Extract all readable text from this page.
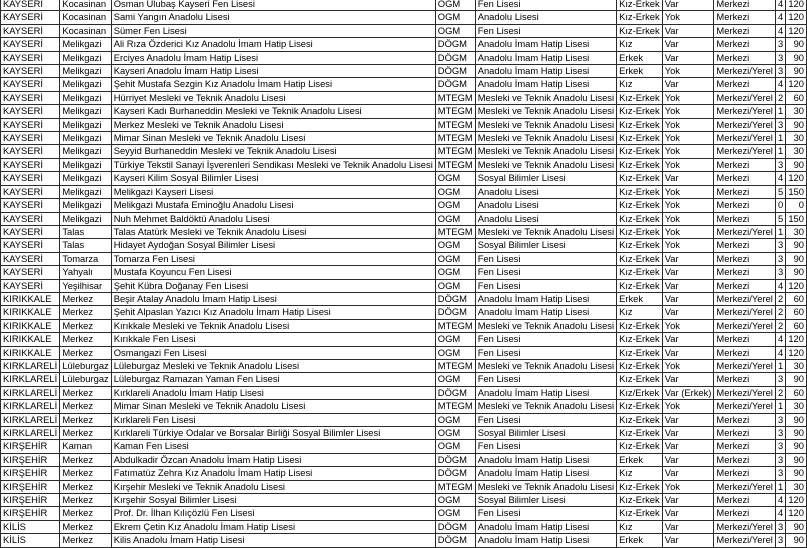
KAYSERİ	Kocasinan	Osman Ulubaş Kayseri Fen Lisesi	OGM	Fen Lisesi	Kız-Erkek	Var	Merkezi	4	120
KAYSERİ	Kocasinan	Sami Yangın Anadolu Lisesi	OGM	Anadolu Lisesi	Kız-Erkek	Yok	Merkezi	4	120
KAYSERİ	Kocasinan	Sümer Fen Lisesi	OGM	Fen Lisesi	Kız-Erkek	Var	Merkezi	4	120
KAYSERİ	Melikgazi	Ali Rıza Özderici Kız Anadolu İmam Hatip Lisesi	DÖGM	Anadolu İmam Hatip Lisesi	Kız	Var	Merkezi	3	90
KAYSERİ	Melikgazi	Erciyes Anadolu İmam Hatip Lisesi	DÖGM	Anadolu İmam Hatip Lisesi	Erkek	Var	Merkezi	3	90
KAYSERİ	Melikgazi	Kayseri Anadolu İmam Hatip Lisesi	DÖGM	Anadolu İmam Hatip Lisesi	Erkek	Yok	Merkezi/Yerel	3	90
KAYSERİ	Melikgazi	Şehit Mustafa Sezgin Kız Anadolu İmam Hatip Lisesi	DÖGM	Anadolu İmam Hatip Lisesi	Kız	Var	Merkezi	4	120
KAYSERİ	Melikgazi	Hürriyet Mesleki ve Teknik Anadolu Lisesi	MTEGM	Mesleki ve Teknik Anadolu Lisesi	Kız-Erkek	Yok	Merkezi/Yerel	2	60
KAYSERİ	Melikgazi	Kayseri Kadı Burhaneddin Mesleki ve Teknik Anadolu Lisesi	MTEGM	Mesleki ve Teknik Anadolu Lisesi	Kız-Erkek	Yok	Merkezi/Yerel	1	30
KAYSERİ	Melikgazi	Merkez Mesleki ve Teknik Anadolu Lisesi	MTEGM	Mesleki ve Teknik Anadolu Lisesi	Kız-Erkek	Yok	Merkezi/Yerel	3	90
KAYSERİ	Melikgazi	Mimar Sinan Mesleki ve Teknik Anadolu Lisesi	MTEGM	Mesleki ve Teknik Anadolu Lisesi	Kız-Erkek	Yok	Merkezi/Yerel	1	30
KAYSERİ	Melikgazi	Seyyid Burhaneddin Mesleki ve Teknik Anadolu Lisesi	MTEGM	Mesleki ve Teknik Anadolu Lisesi	Kız-Erkek	Yok	Merkezi/Yerel	1	30
KAYSERİ	Melikgazi	Türkiye Tekstil Sanayi İşverenleri Sendikası Mesleki ve Teknik Anadolu Lisesi	MTEGM	Mesleki ve Teknik Anadolu Lisesi	Kız-Erkek	Yok	Merkezi	3	90
KAYSERİ	Melikgazi	Kayseri Kilim Sosyal Bilimler Lisesi	OGM	Sosyal Bilimler Lisesi	Kız-Erkek	Var	Merkezi	4	120
KAYSERİ	Melikgazi	Melikgazi Kayseri Lisesi	OGM	Anadolu Lisesi	Kız-Erkek	Yok	Merkezi	5	150
KAYSERİ	Melikgazi	Melikgazi Mustafa Eminoğlu Anadolu Lisesi	OGM	Anadolu Lisesi	Kız-Erkek	Yok	Merkezi	0	0
KAYSERİ	Melikgazi	Nuh Mehmet Baldöktü Anadolu Lisesi	OGM	Anadolu Lisesi	Kız-Erkek	Yok	Merkezi	5	150
KAYSERİ	Talas	Talas Atatürk Mesleki ve Teknik Anadolu Lisesi	MTEGM	Mesleki ve Teknik Anadolu Lisesi	Kız-Erkek	Yok	Merkezi/Yerel	1	30
KAYSERİ	Talas	Hidayet Aydoğan Sosyal Bilimler Lisesi	OGM	Sosyal Bilimler Lisesi	Kız-Erkek	Yok	Merkezi	3	90
KAYSERİ	Tomarza	Tomarza Fen Lisesi	OGM	Fen Lisesi	Kız-Erkek	Var	Merkezi	3	90
KAYSERİ	Yahyalı	Mustafa Koyuncu Fen Lisesi	OGM	Fen Lisesi	Kız-Erkek	Var	Merkezi	3	90
KAYSERİ	Yeşilhisar	Şehit Kübra Doğanay Fen Lisesi	OGM	Fen Lisesi	Kız-Erkek	Var	Merkezi	4	120
KIRIKKALE	Merkez	Beşir Atalay Anadolu İmam Hatip Lisesi	DÖGM	Anadolu İmam Hatip Lisesi	Erkek	Var	Merkezi/Yerel	2	60
KIRIKKALE	Merkez	Şehit Alpaslan Yazıcı Kız Anadolu İmam Hatip Lisesi	DÖGM	Anadolu İmam Hatip Lisesi	Kız	Var	Merkezi/Yerel	2	60
KIRIKKALE	Merkez	Kırıkkale Mesleki ve Teknik Anadolu Lisesi	MTEGM	Mesleki ve Teknik Anadolu Lisesi	Kız-Erkek	Yok	Merkezi/Yerel	2	60
KIRIKKALE	Merkez	Kırıkkale Fen Lisesi	OGM	Fen Lisesi	Kız-Erkek	Var	Merkezi	4	120
KIRIKKALE	Merkez	Osmangazi Fen Lisesi	OGM	Fen Lisesi	Kız-Erkek	Var	Merkezi	4	120
KIRKLARELİ	Lüleburgaz	Lüleburgaz Mesleki ve Teknik Anadolu Lisesi	MTEGM	Mesleki ve Teknik Anadolu Lisesi	Kız-Erkek	Yok	Merkezi/Yerel	1	30
KIRKLARELİ	Lüleburgaz	Lüleburgaz Ramazan Yaman Fen Lisesi	OGM	Fen Lisesi	Kız-Erkek	Var	Merkezi	3	90
KIRKLARELİ	Merkez	Kırklareli Anadolu İmam Hatip Lisesi	DÖGM	Anadolu İmam Hatip Lisesi	Kız/Erkek	Var (Erkek)	Merkezi/Yerel	2	60
KIRKLARELİ	Merkez	Mimar Sinan Mesleki ve Teknik Anadolu Lisesi	MTEGM	Mesleki ve Teknik Anadolu Lisesi	Kız-Erkek	Yok	Merkezi/Yerel	1	30
KIRKLARELİ	Merkez	Kırklareli Fen Lisesi	OGM	Fen Lisesi	Kız-Erkek	Var	Merkezi	3	90
KIRKLARELİ	Merkez	Kırklareli Türkiye Odalar ve Borsalar Birliği Sosyal Bilimler Lisesi	OGM	Sosyal Bilimler Lisesi	Kız-Erkek	Var	Merkezi	3	90
KIRŞEHİR	Kaman	Kaman Fen Lisesi	OGM	Fen Lisesi	Kız-Erkek	Var	Merkezi	3	90
KIRŞEHİR	Merkez	Abdulkadir Özcan Anadolu İmam Hatip Lisesi	DÖGM	Anadolu İmam Hatip Lisesi	Erkek	Var	Merkezi	3	90
KIRŞEHİR	Merkez	Fatımatüz Zehra Kız Anadolu İmam Hatip Lisesi	DÖGM	Anadolu İmam Hatip Lisesi	Kız	Var	Merkezi	3	90
KIRŞEHİR	Merkez	Kırşehir Mesleki ve Teknik Anadolu Lisesi	MTEGM	Mesleki ve Teknik Anadolu Lisesi	Kız-Erkek	Yok	Merkezi/Yerel	1	30
KIRŞEHİR	Merkez	Kırşehir Sosyal Bilimler Lisesi	OGM	Sosyal Bilimler Lisesi	Kız-Erkek	Var	Merkezi	4	120
KIRŞEHİR	Merkez	Prof. Dr. İlhan Kılıçözlü Fen Lisesi	OGM	Fen Lisesi	Kız-Erkek	Var	Merkezi	4	120
KİLİS	Merkez	Ekrem Çetin Kız Anadolu İmam Hatip Lisesi	DÖGM	Anadolu İmam Hatip Lisesi	Kız	Var	Merkezi/Yerel	3	90
KİLİS	Merkez	Kilis Anadolu İmam Hatip Lisesi	DÖGM	Anadolu İmam Hatip Lisesi	Erkek	Var	Merkezi/Yerel	3	90
